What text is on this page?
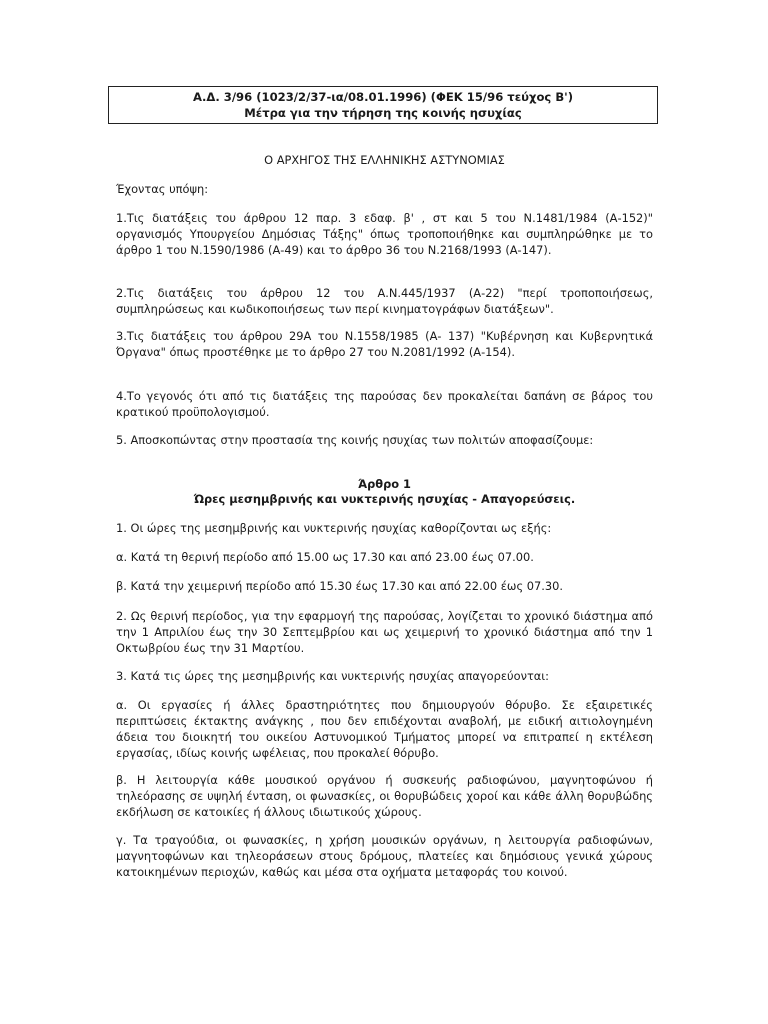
Α.Δ. 3/96 (1023/2/37-ια/08.01.1996) (ΦΕΚ 15/96 τεύχος Β')
Μέτρα για την τήρηση της κοινής ησυχίας

Ο ΑΡΧΗΓΟΣ ΤΗΣ ΕΛΛΗΝΙΚΗΣ ΑΣΤΥΝΟΜΙΑΣ

Έχοντας υπόψη:

1.Τις διατάξεις του άρθρου 12 παρ. 3 εδαφ. β' , στ και 5 του Ν.1481/1984 (Α-152)" οργανισμός Υπουργείου Δημόσιας Τάξης" όπως τροποποιήθηκε και συμπληρώθηκε με το άρθρο 1 του Ν.1590/1986 (Α-49) και το άρθρο 36 του Ν.2168/1993 (Α-147).

2.Τις διατάξεις του άρθρου 12 του Α.Ν.445/1937 (Α-22) "περί τροποποιήσεως, συμπληρώσεως και κωδικοποιήσεως των περί κινηματογράφων διατάξεων".

3.Τις διατάξεις του άρθρου 29Α του Ν.1558/1985 (Α- 137) "Κυβέρνηση και Κυβερνητικά Όργανα" όπως προστέθηκε με το άρθρο 27 του Ν.2081/1992 (Α-154).

4.Το γεγονός ότι από τις διατάξεις της παρούσας δεν προκαλείται δαπάνη σε βάρος του κρατικού προϋπολογισμού.

5. Αποσκοπώντας στην προστασία της κοινής ησυχίας των πολιτών αποφασίζουμε:

Άρθρο 1

Ώρες μεσημβρινής και νυκτερινής ησυχίας - Απαγορεύσεις.

1. Οι ώρες της μεσημβρινής και νυκτερινής ησυχίας καθορίζονται ως εξής:

α. Κατά τη θερινή περίοδο από 15.00 ως 17.30 και από 23.00 έως 07.00.

β. Κατά την χειμερινή περίοδο από 15.30 έως 17.30 και από 22.00 έως 07.30.

2. Ως θερινή περίοδος, για την εφαρμογή της παρούσας, λογίζεται το χρονικό διάστημα από την 1 Απριλίου έως την 30 Σεπτεμβρίου και ως χειμερινή το χρονικό διάστημα από την 1 Οκτωβρίου έως την 31 Μαρτίου.

3. Κατά τις ώρες της μεσημβρινής και νυκτερινής ησυχίας απαγορεύονται:

α. Οι εργασίες ή άλλες δραστηριότητες που δημιουργούν θόρυβο. Σε εξαιρετικές περιπτώσεις έκτακτης ανάγκης , που δεν επιδέχονται αναβολή, με ειδική αιτιολογημένη άδεια του διοικητή του οικείου Αστυνομικού Τμήματος μπορεί να επιτραπεί η εκτέλεση εργασίας, ιδίως κοινής ωφέλειας, που προκαλεί θόρυβο.

β. Η λειτουργία κάθε μουσικού οργάνου ή συσκευής ραδιοφώνου, μαγνητοφώνου ή τηλεόρασης σε υψηλή ένταση, οι φωνασκίες, οι θορυβώδεις χοροί και κάθε άλλη θορυβώδης εκδήλωση σε κατοικίες ή άλλους ιδιωτικούς χώρους.

γ. Τα τραγούδια, οι φωνασκίες, η χρήση μουσικών οργάνων, η λειτουργία ραδιοφώνων, μαγνητοφώνων και τηλεοράσεων στους δρόμους, πλατείες και δημόσιους γενικά χώρους κατοικημένων περιοχών, καθώς και μέσα στα οχήματα μεταφοράς του κοινού.
